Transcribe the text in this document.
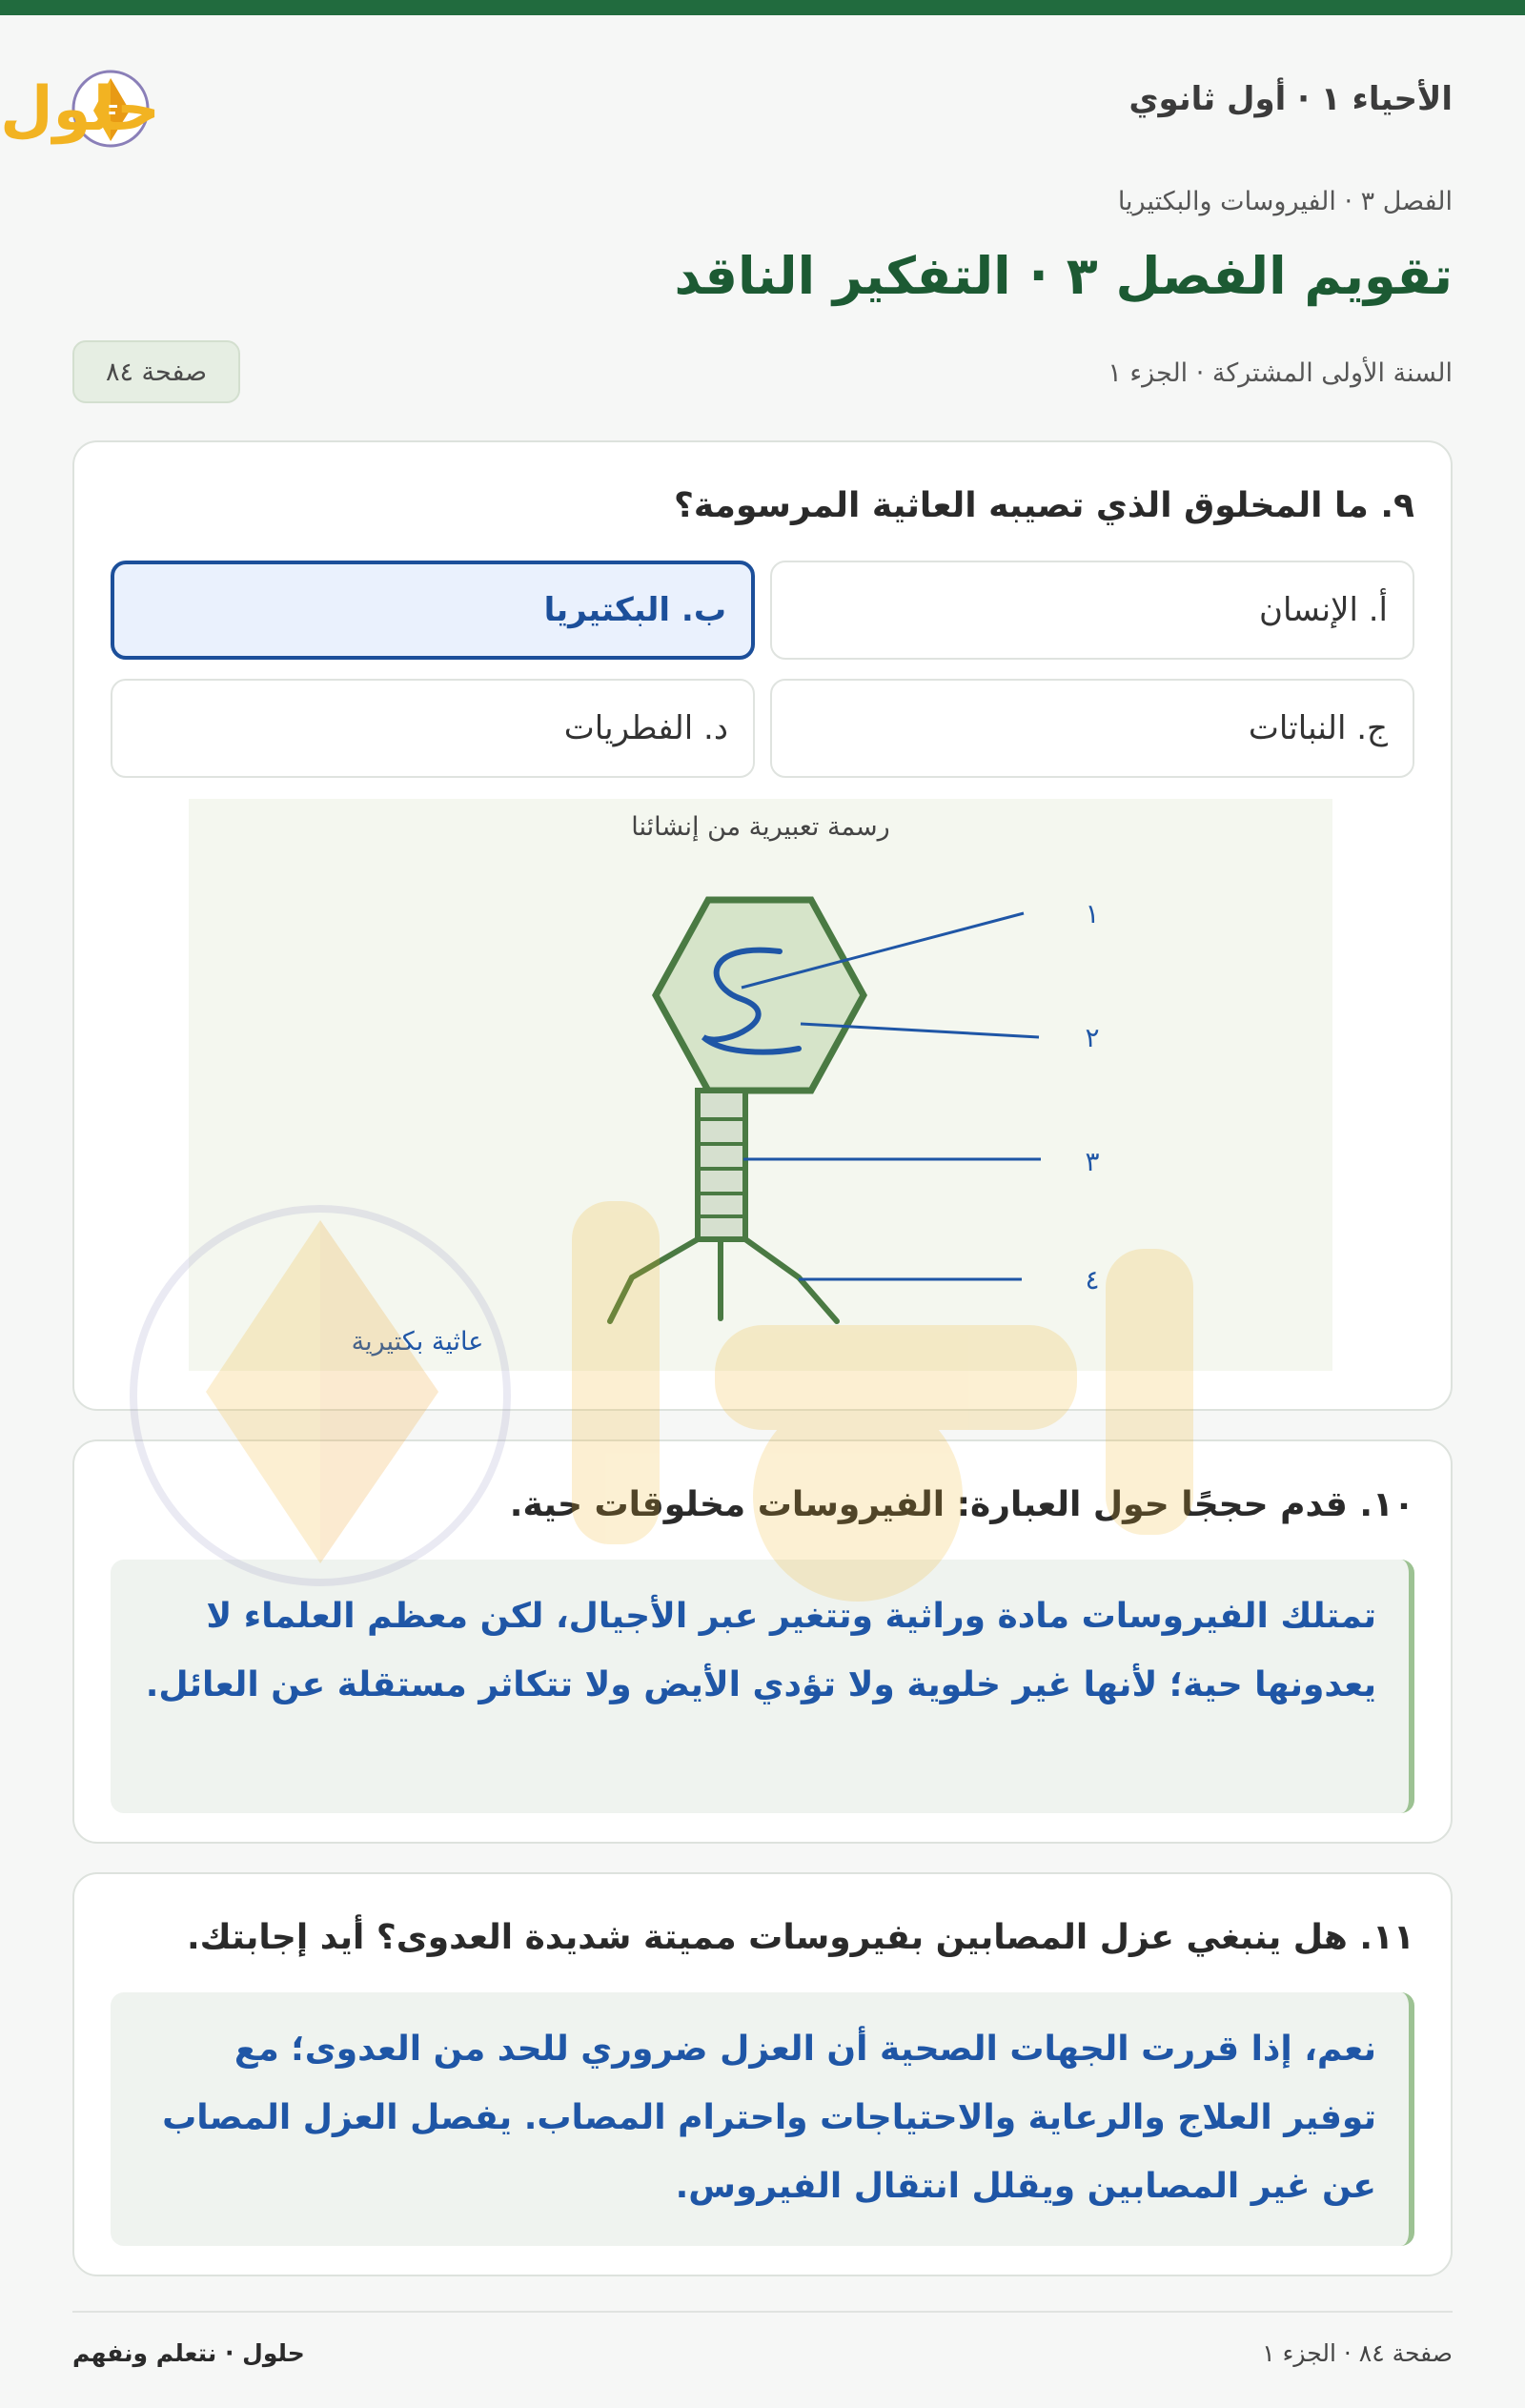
الأحياء ١ · أول ثانوي
حلول
الفصل ٣ · الفيروسات والبكتيريا
تقويم الفصل ٣ · التفكير الناقد
السنة الأولى المشتركة · الجزء ١
صفحة ٨٤
٩. ما المخلوق الذي تصيبه العاثية المرسومة؟
أ. الإنسان
ب. البكتيريا
ج. النباتات
د. الفطريات
رسمة تعبيرية من إنشائنا
١
٢
٣
٤
عاثية بكتيرية
١٠. قدم حججًا حول العبارة: الفيروسات مخلوقات حية.
تمتلك الفيروسات مادة وراثية وتتغير عبر الأجيال، لكن معظم العلماء لا يعدونها حية؛ لأنها غير خلوية ولا تؤدي الأيض ولا تتكاثر مستقلة عن العائل.
١١. هل ينبغي عزل المصابين بفيروسات مميتة شديدة العدوى؟ أيد إجابتك.
نعم، إذا قررت الجهات الصحية أن العزل ضروري للحد من العدوى؛ مع توفير العلاج والرعاية والاحتياجات واحترام المصاب. يفصل العزل المصاب عن غير المصابين ويقلل انتقال الفيروس.
حلول · نتعلم ونفهم	صفحة ٨٤ · الجزء ١
